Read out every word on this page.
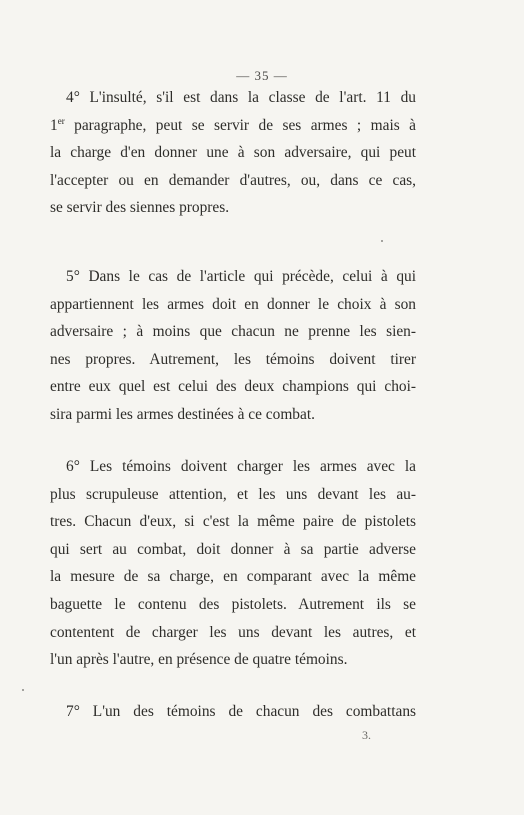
— 35 —
4° L'insulté, s'il est dans la classe de l'art. 11 du
1er paragraphe, peut se servir de ses armes ; mais à
la charge d'en donner une à son adversaire, qui peut
l'accepter ou en demander d'autres, ou, dans ce cas,
se servir des siennes propres.
5° Dans le cas de l'article qui précède, celui à qui
appartiennent les armes doit en donner le choix à son
adversaire ; à moins que chacun ne prenne les sien-
nes propres. Autrement, les témoins doivent tirer
entre eux quel est celui des deux champions qui choi-
sira parmi les armes destinées à ce combat.
6° Les témoins doivent charger les armes avec la
plus scrupuleuse attention, et les uns devant les au-
tres. Chacun d'eux, si c'est la même paire de pistolets
qui sert au combat, doit donner à sa partie adverse
la mesure de sa charge, en comparant avec la même
baguette le contenu des pistolets. Autrement ils se
contentent de charger les uns devant les autres, et
l'un après l'autre, en présence de quatre témoins.
7° L'un des témoins de chacun des combattans
3.
